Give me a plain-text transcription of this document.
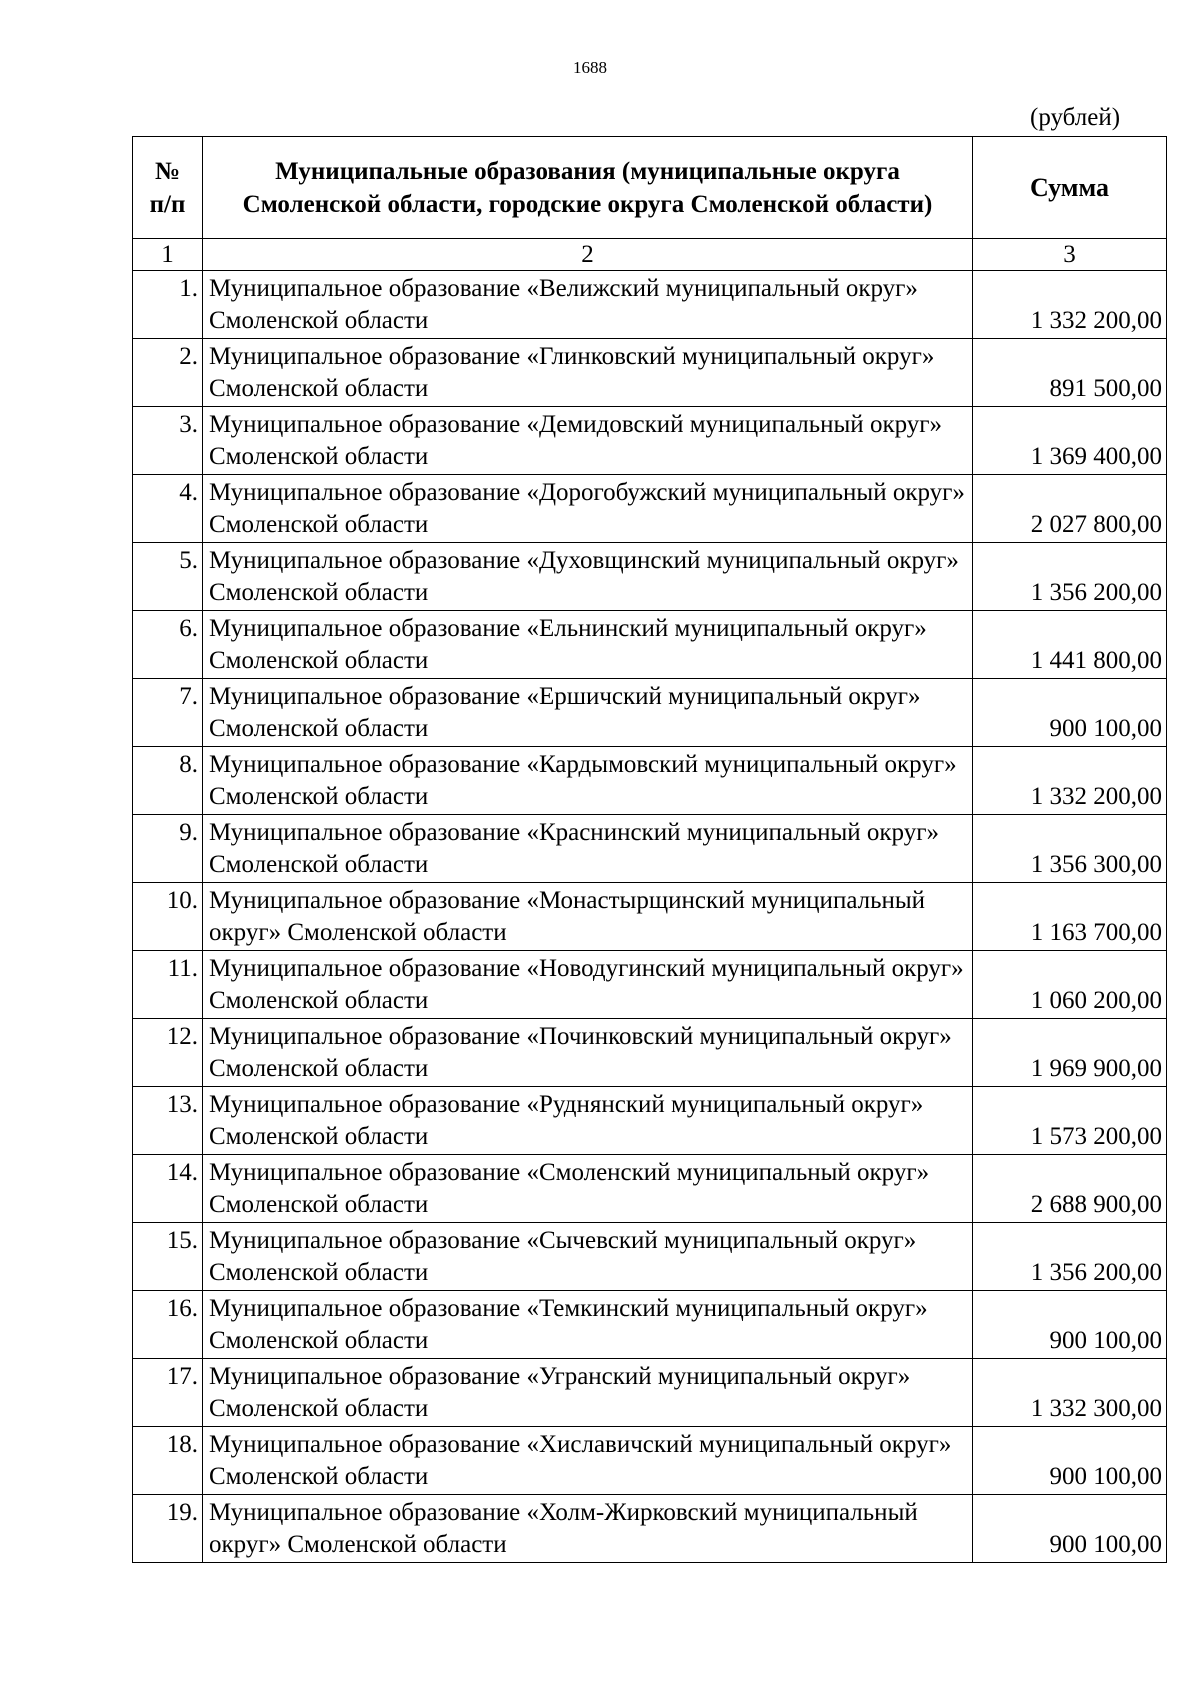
1688
(рублей)
№
п/п	Муниципальные образования (муниципальные округа Смоленской области, городские округа Смоленской области)	Сумма
1	2	3
1.	Муниципальное образование «Велижский муниципальный округ» Смоленской области	1 332 200,00
2.	Муниципальное образование «Глинковский муниципальный округ» Смоленской области	891 500,00
3.	Муниципальное образование «Демидовский муниципальный округ» Смоленской области	1 369 400,00
4.	Муниципальное образование «Дорогобужский муниципальный округ» Смоленской области	2 027 800,00
5.	Муниципальное образование «Духовщинский муниципальный округ» Смоленской области	1 356 200,00
6.	Муниципальное образование «Ельнинский муниципальный округ» Смоленской области	1 441 800,00
7.	Муниципальное образование «Ершичский муниципальный округ» Смоленской области	900 100,00
8.	Муниципальное образование «Кардымовский муниципальный округ» Смоленской области	1 332 200,00
9.	Муниципальное образование «Краснинский муниципальный округ» Смоленской области	1 356 300,00
10.	Муниципальное образование «Монастырщинский муниципальный округ» Смоленской области	1 163 700,00
11.	Муниципальное образование «Новодугинский муниципальный округ» Смоленской области	1 060 200,00
12.	Муниципальное образование «Починковский муниципальный округ» Смоленской области	1 969 900,00
13.	Муниципальное образование «Руднянский муниципальный округ» Смоленской области	1 573 200,00
14.	Муниципальное образование «Смоленский муниципальный округ» Смоленской области	2 688 900,00
15.	Муниципальное образование «Сычевский муниципальный округ» Смоленской области	1 356 200,00
16.	Муниципальное образование «Темкинский муниципальный округ» Смоленской области	900 100,00
17.	Муниципальное образование «Угранский муниципальный округ» Смоленской области	1 332 300,00
18.	Муниципальное образование «Хиславичский муниципальный округ» Смоленской области	900 100,00
19.	Муниципальное образование «Холм-Жирковский муниципальный округ» Смоленской области	900 100,00
